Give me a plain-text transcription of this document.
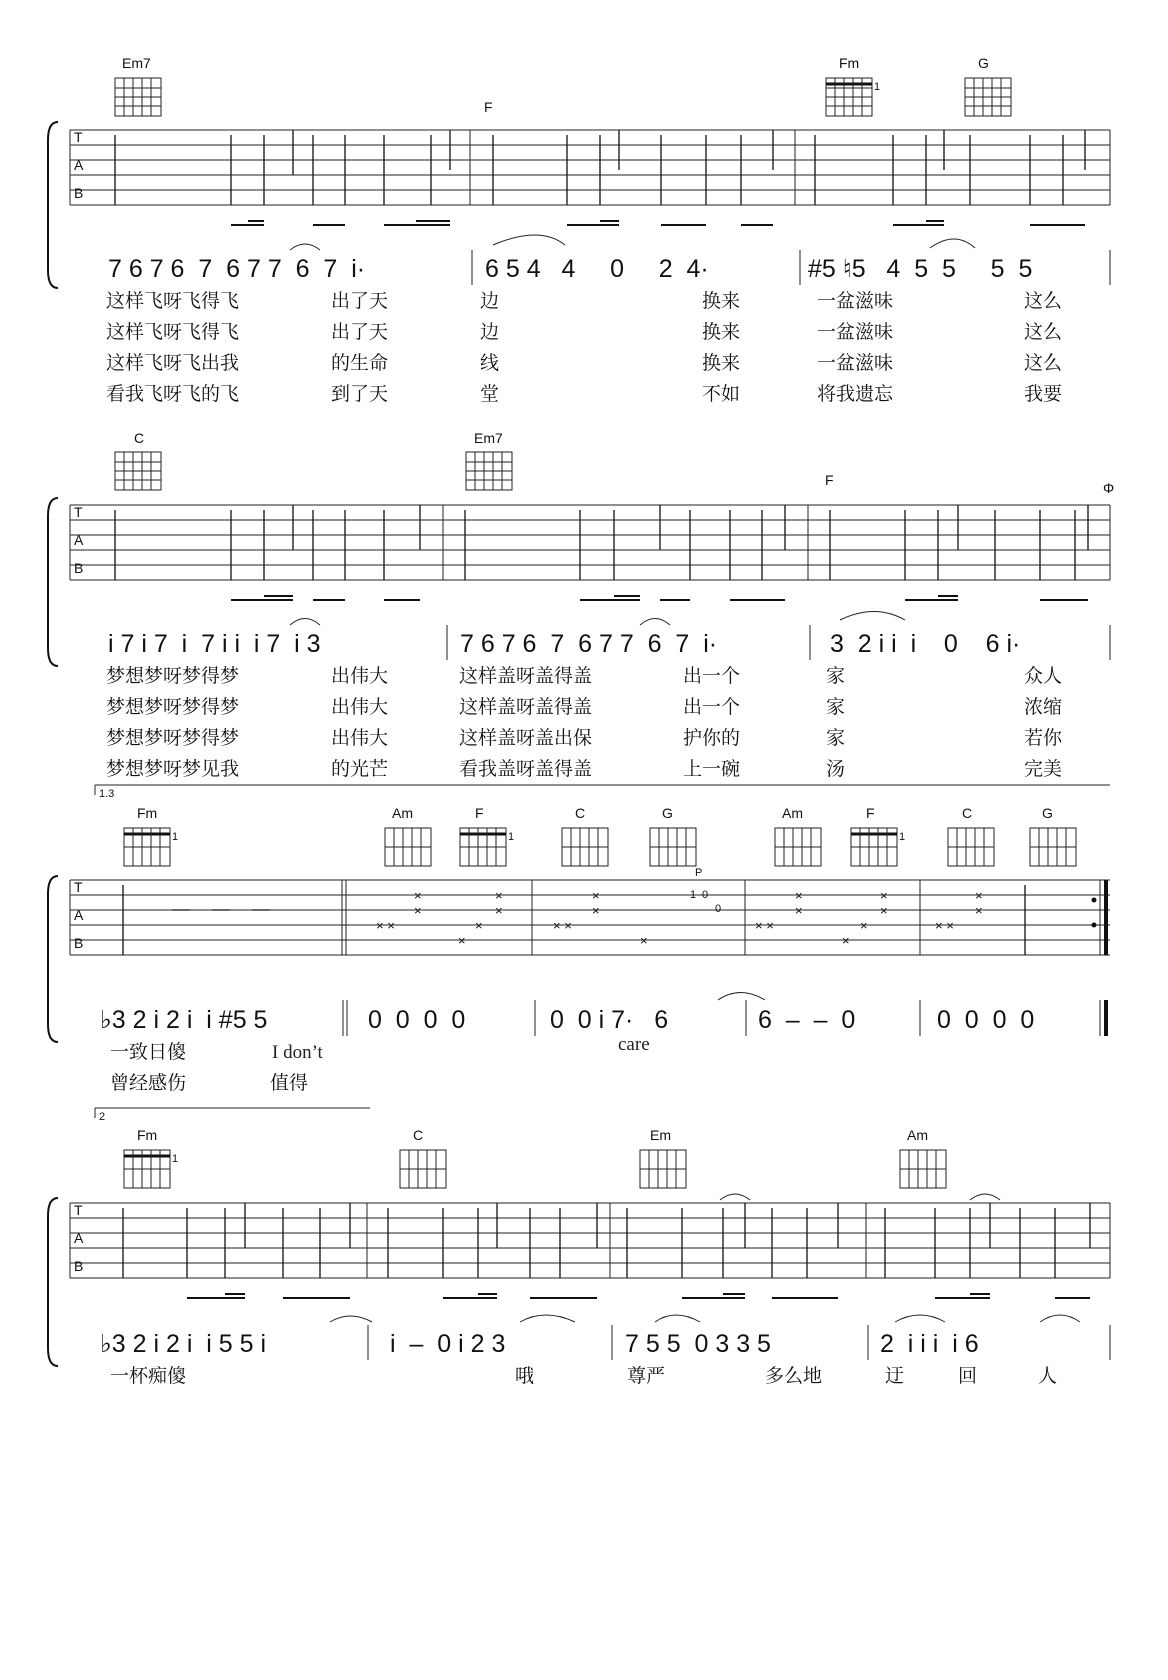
T
A
B
Em7
F
Fm
1
G
7 6 7 6  7  6 7 7  6  7  i·	6 5 4   4     0     2  4·	#5 ♮5   4  5  5     5  5
这样飞呀飞得飞	出了天	边	换来	一盆滋味	这么
这样飞呀飞得飞	出了天	边	换来	一盆滋味	这么
这样飞呀飞出我	的生命	线	换来	一盆滋味	这么
看我飞呀飞的飞	到了天	堂	不如	将我遗忘	我要
T
A
B
C	Em7
F	Φ
i 7 i 7  i  7 i i  i 7  i 3	7 6 7 6  7  6 7 7  6  7  i·	3  2 i i  i    0    6 i·
梦想梦呀梦得梦	出伟大	这样盖呀盖得盖	出一个	家	众人
梦想梦呀梦得梦	出伟大	这样盖呀盖得盖	出一个	家	浓缩
梦想梦呀梦得梦	出伟大	这样盖呀盖出保	护你的	家	若你
梦想梦呀梦见我	的光芒	看我盖呀盖得盖	上一碗	汤	完美
1.3
T
A
B
Fm
1
Am	F
1
C	G	Am	F
1
C	G
× ×
×
×
×
×
×
×
× ×
×
×
×
× ×
×
×
×
×
×
×
× ×
×
×
P
1 0
0
♭3 2 i 2 i  i #5 5	0  0  0  0	0  0 i 7·   6	6  –  –  0	0  0  0  0
一致日傻	I don’t	care
曾经感伤	值得
2
T
A
B
Fm
1
C	Em	Am
♭3 2 i 2 i  i 5 5 i	i  –  0 i 2 3	7 5 5  0 3 3 5	2  i i i  i 6
一杯痴傻	哦	尊严	多么地	迂	回	人
